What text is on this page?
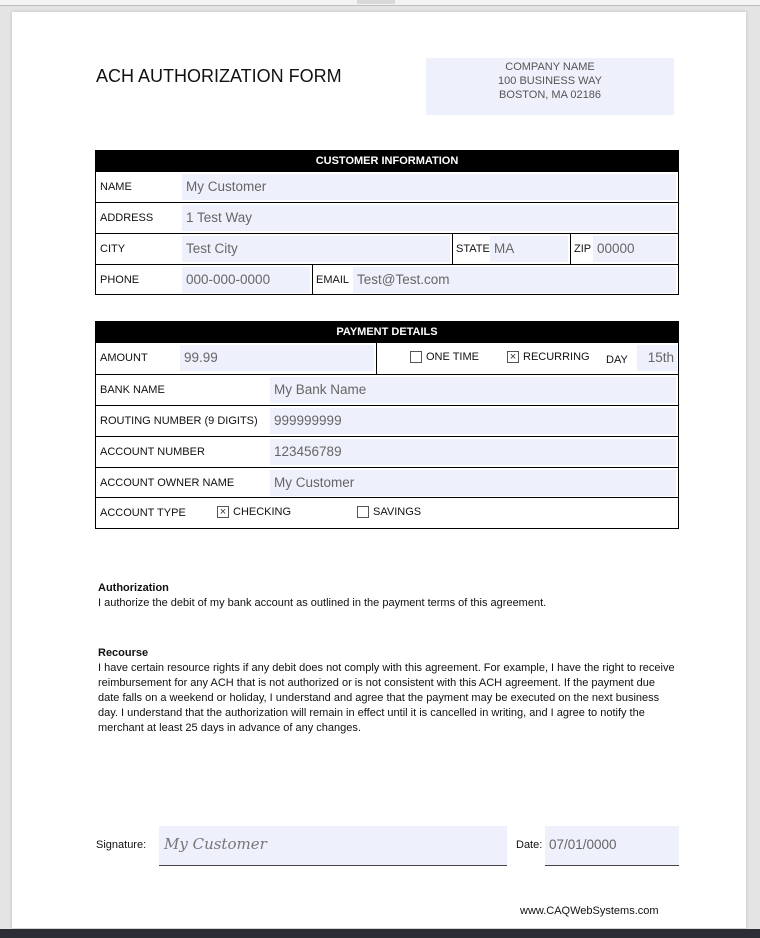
ACH AUTHORIZATION FORM	COMPANY NAME
100 BUSINESS WAY
BOSTON, MA 02186
CUSTOMER INFORMATION
NAME	My Customer
ADDRESS 1 Test Way
CITY	Test City	STATE MA	ZIP 00000
PHONE	000-000-0000	EMAIL Test@Test.com
PAYMENT DETAILS
AMOUNT	99.99	ONE TIME	× RECURRING DAY	15th
BANK NAME	My Bank Name
ROUTING NUMBER (9 DIGITS) 999999999
ACCOUNT NUMBER	123456789
ACCOUNT OWNER NAME	My Customer
ACCOUNT TYPE	× CHECKING	SAVINGS
Authorization
I authorize the debit of my bank account as outlined in the payment terms of this agreement.
Recourse
I have certain resource rights if any debit does not comply with this agreement. For example, I have the right to receive reimbursement for any ACH that is not authorized or is not consistent with this ACH agreement. If the payment due date falls on a weekend or holiday, I understand and agree that the payment may be executed on the next business day. I understand that the authorization will remain in effect until it is cancelled in writing, and I agree to notify the merchant at least 25 days in advance of any changes.
Signature:	My Customer	Date: 07/01/0000
www.CAQWebSystems.com
